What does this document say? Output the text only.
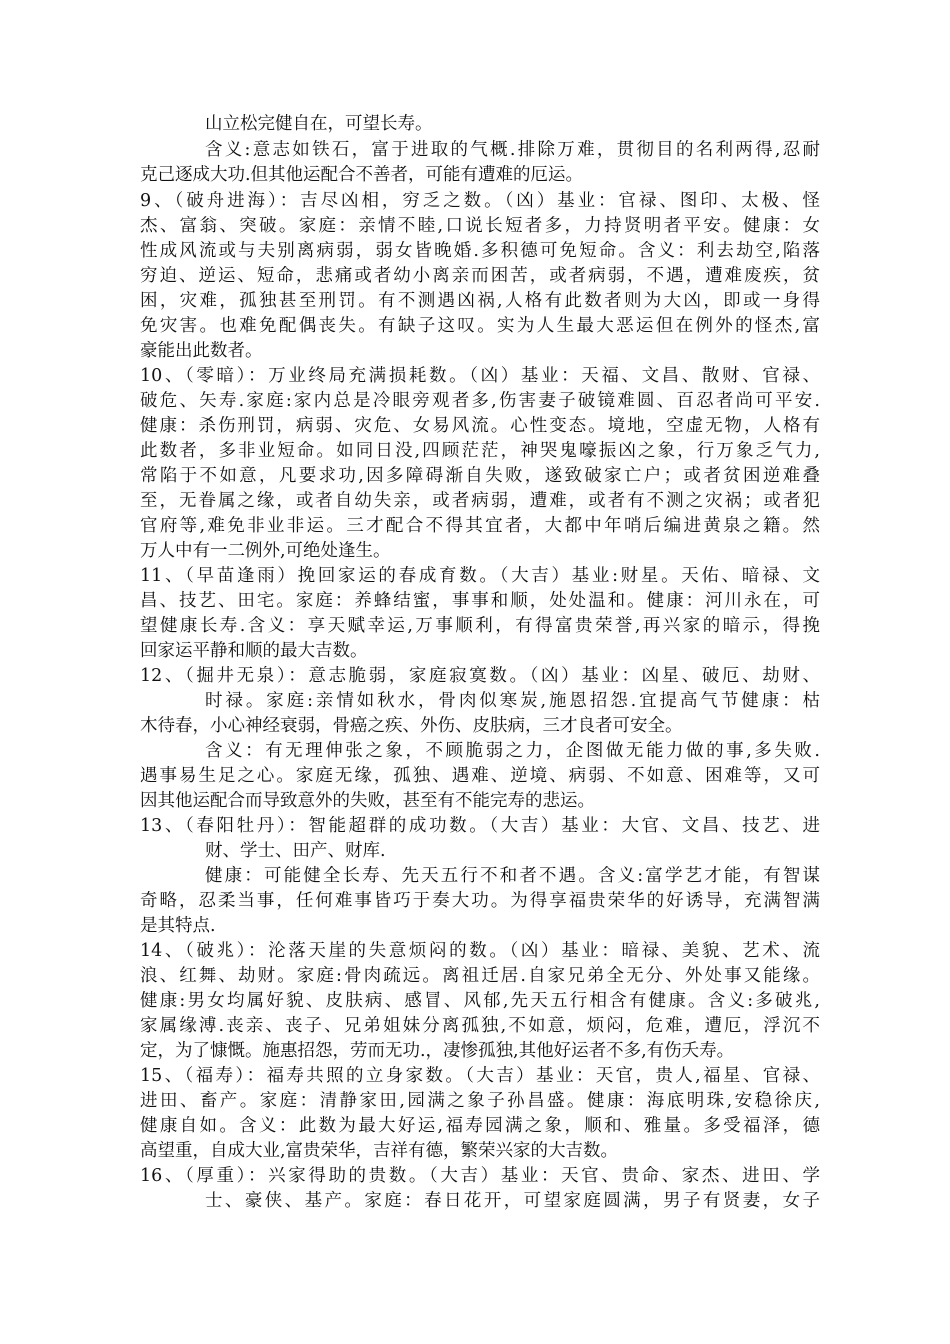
山立松完健自在，可望长寿。
含义:意志如铁石，富于进取的气概.排除万难，贯彻目的名利两得,忍耐
克己逐成大功.但其他运配合不善者，可能有遭难的厄运。
9、（破舟进海）：吉尽凶相，穷乏之数。（凶）基业：官禄、图印、太极、怪
杰、富翁、突破。家庭：亲情不睦,口说长短者多，力持贤明者平安。健康：女
性成风流或与夫别离病弱，弱女皆晚婚.多积德可免短命。含义：利去劫空,陷落
穷迫、逆运、短命，悲痛或者幼小离亲而困苦，或者病弱，不遇，遭难废疾，贫
困，灾难，孤独甚至刑罚。有不测遇凶祸,人格有此数者则为大凶，即或一身得
免灾害。也难免配偶丧失。有缺子这叹。实为人生最大恶运但在例外的怪杰,富
豪能出此数者。
10、（零暗）：万业终局充满损耗数。（凶）基业：天福、文昌、散财、官禄、
破危、矢寿.家庭:家内总是冷眼旁观者多,伤害妻子破镜难圆、百忍者尚可平安.
健康：杀伤刑罚，病弱、灾危、女易风流。心性变态。境地，空虚无物，人格有
此数者，多非业短命。如同日没,四顾茫茫，神哭鬼嚎振凶之象，行万象乏气力,
常陷于不如意，凡要求功,因多障碍渐自失败，遂致破家亡户；或者贫困逆难叠
至，无眷属之缘，或者自幼失亲，或者病弱，遭难，或者有不测之灾祸；或者犯
官府等,难免非业非运。三才配合不得其宜者，大都中年哨后编进黄泉之籍。然
万人中有一二例外,可绝处逢生。
11、（早苗逢雨）挽回家运的春成育数。（大吉）基业:财星。天佑、暗禄、文
昌、技艺、田宅。家庭：养蜂结蜜，事事和顺，处处温和。健康：河川永在，可
望健康长寿.含义：享天赋幸运,万事顺利，有得富贵荣誉,再兴家的暗示，得挽
回家运平静和顺的最大吉数。
12、（掘井无泉）：意志脆弱，家庭寂寞数。（凶）基业：凶星、破厄、劫财、
时禄。家庭:亲情如秋水，骨肉似寒炭,施恩招怨.宜提高气节健康：枯
木待春，小心神经衰弱，骨癌之疾、外伤、皮肤病，三才良者可安全。
含义：有无理伸张之象，不顾脆弱之力，企图做无能力做的事,多失败.
遇事易生足之心。家庭无缘，孤独、遇难、逆境、病弱、不如意、困难等，又可
因其他运配合而导致意外的失败，甚至有不能完寿的悲运。
13、（春阳牡丹）：智能超群的成功数。（大吉）基业：大官、文昌、技艺、进
财、学士、田产、财库.
健康：可能健全长寿、先天五行不和者不遇。含义:富学艺才能，有智谋
奇略，忍柔当事，任何难事皆巧于奏大功。为得享福贵荣华的好诱导，充满智满
是其特点.
14、（破兆）：沦落天崖的失意烦闷的数。（凶）基业：暗禄、美貌、艺术、流
浪、红舞、劫财。家庭:骨肉疏远。离祖迁居.自家兄弟全无分、外处事又能缘。
健康:男女均属好貌、皮肤病、感冒、风郁,先天五行相含有健康。含义:多破兆,
家属缘溥.丧亲、丧子、兄弟姐妹分离孤独,不如意，烦闷，危难，遭厄，浮沉不
定，为了慷慨。施惠招怨，劳而无功.，凄惨孤独,其他好运者不多,有伤夭寿。
15、（福寿）：福寿共照的立身家数。（大吉）基业：天官，贵人,福星、官禄、
进田、畜产。家庭：清静家田,园满之象子孙昌盛。健康：海底明珠,安稳徐庆,
健康自如。含义：此数为最大好运,福寿园满之象，顺和、雅量。多受福泽，德
高望重，自成大业,富贵荣华，吉祥有德，繁荣兴家的大吉数。
16、（厚重）：兴家得助的贵数。（大吉）基业：天官、贵命、家杰、进田、学
士、豪侠、基产。家庭：春日花开，可望家庭圆满，男子有贤妻，女子
